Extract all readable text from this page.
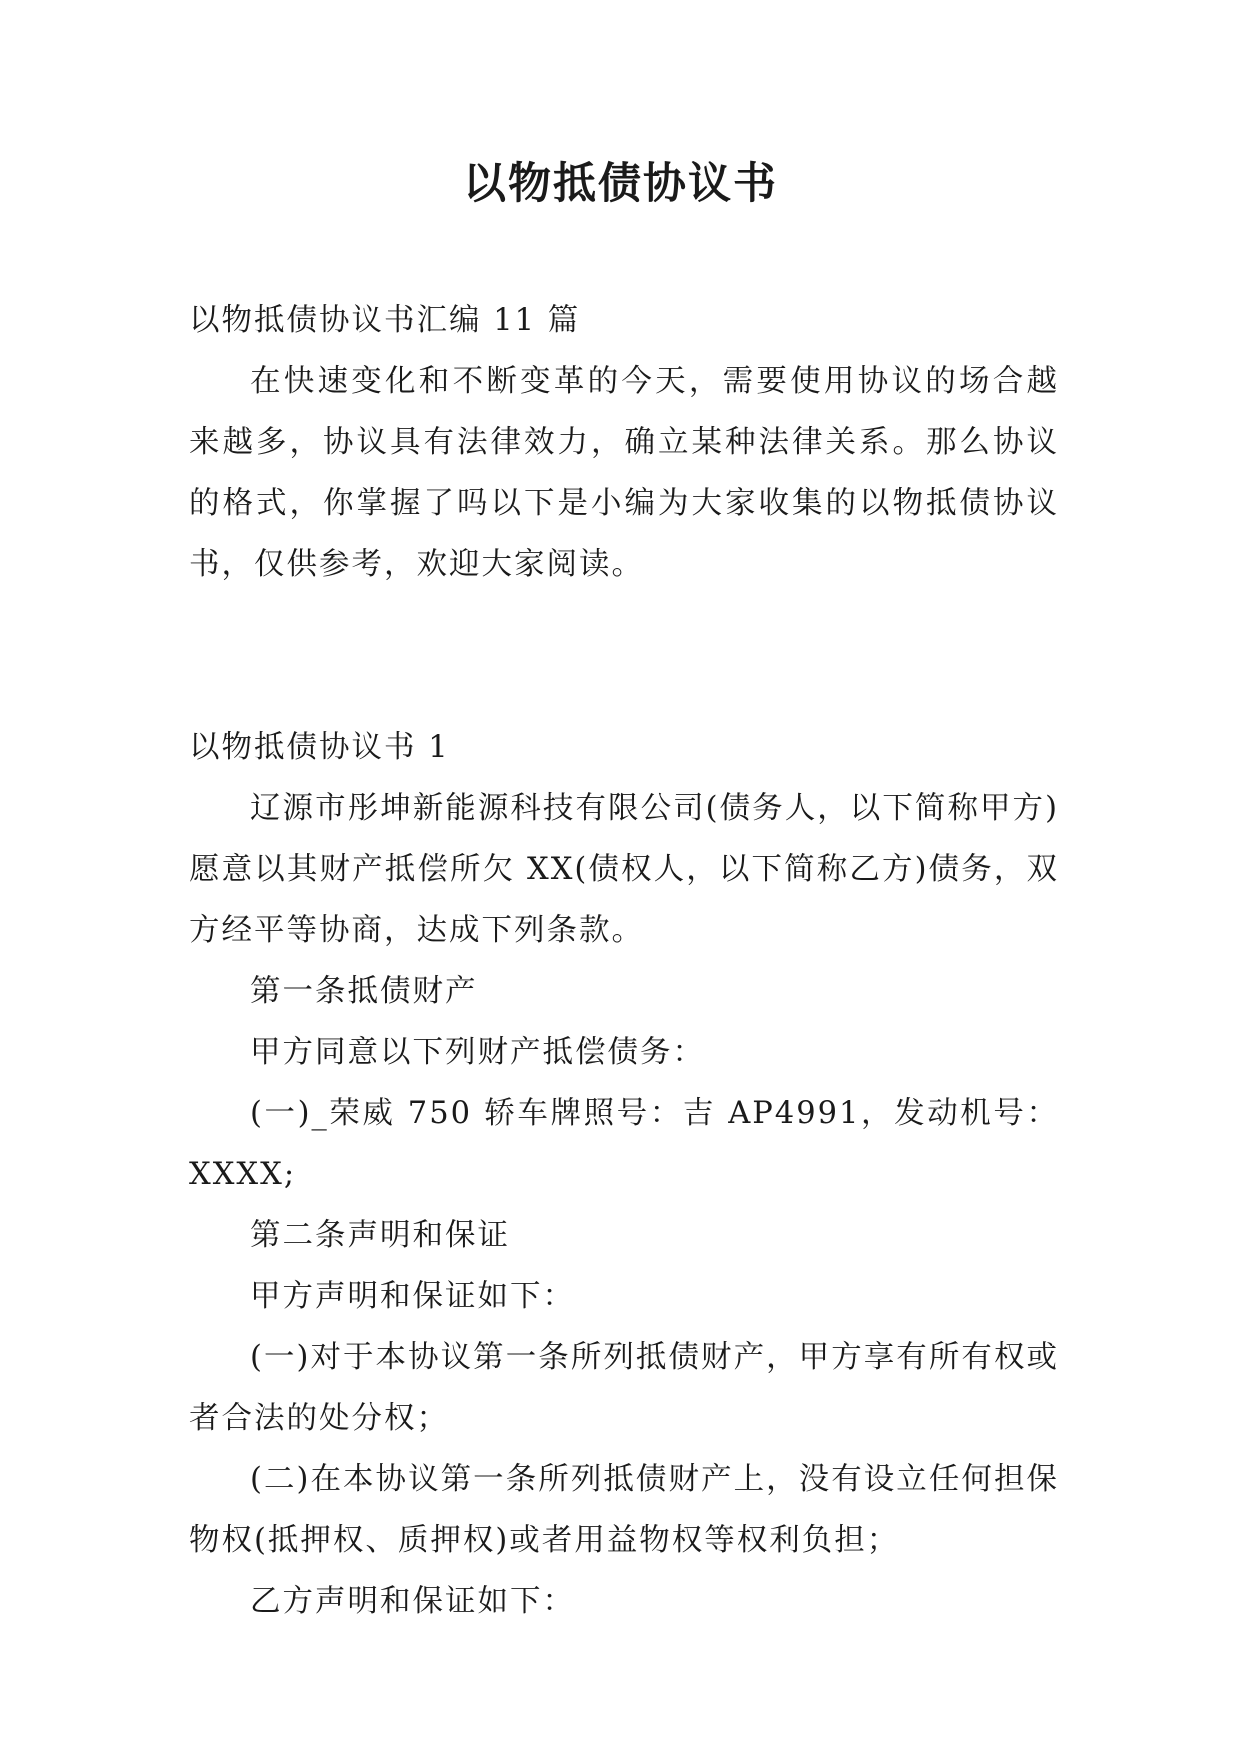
以物抵债协议书

以物抵债协议书汇编 11 篇

在快速变化和不断变革的今天，需要使用协议的场合越来越多，协议具有法律效力，确立某种法律关系。那么协议的格式，你掌握了吗以下是小编为大家收集的以物抵债协议书，仅供参考，欢迎大家阅读。

以物抵债协议书 1

辽源市彤坤新能源科技有限公司(债务人，以下简称甲方)愿意以其财产抵偿所欠 XX(债权人，以下简称乙方)债务，双方经平等协商，达成下列条款。

第一条抵债财产

甲方同意以下列财产抵偿债务：

(一)_荣威 750 轿车牌照号：吉 AP4991，发动机号：XXXX;

第二条声明和保证

甲方声明和保证如下：

(一)对于本协议第一条所列抵债财产，甲方享有所有权或者合法的处分权；

(二)在本协议第一条所列抵债财产上，没有设立任何担保物权(抵押权、质押权)或者用益物权等权利负担；

乙方声明和保证如下：
